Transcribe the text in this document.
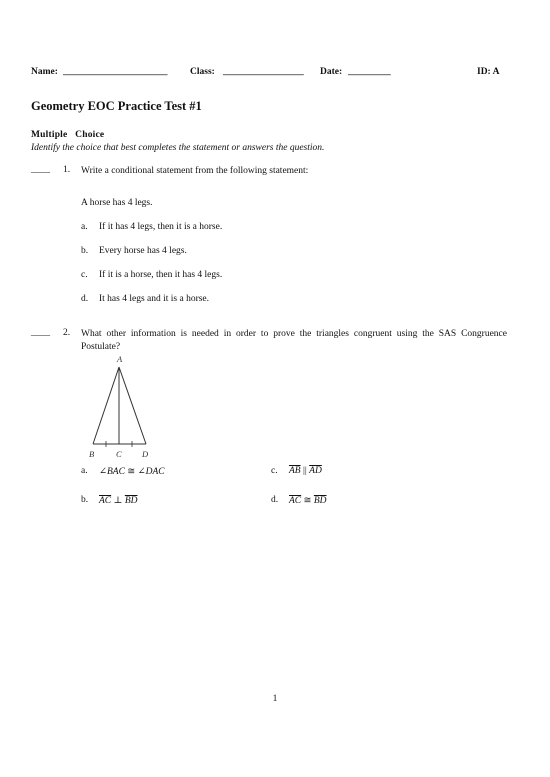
Name: ______________________ Class: _________________ Date: _________	ID: A
Geometry EOC Practice Test #1
Multiple   Choice
Identify the choice that best completes the statement or answers the question.
____ 1. Write a conditional statement from the following statement:
A horse has 4 legs.
a. If it has 4 legs, then it is a horse.
b. Every horse has 4 legs.
c. If it is a horse, then it has 4 legs.
d. It has 4 legs and it is a horse.
____ 2. What other information is needed in order to prove the triangles congruent using the SAS Congruence Postulate?
A
B	C D
a. ∠BAC ≅ ∠DAC	c. $\overline{AB}$ || $\overline{AD}$
b. $\overline{AC}$ ⊥ $\overline{BD}$	d. $\overline{AC}$ ≅ $\overline{BD}$
1
